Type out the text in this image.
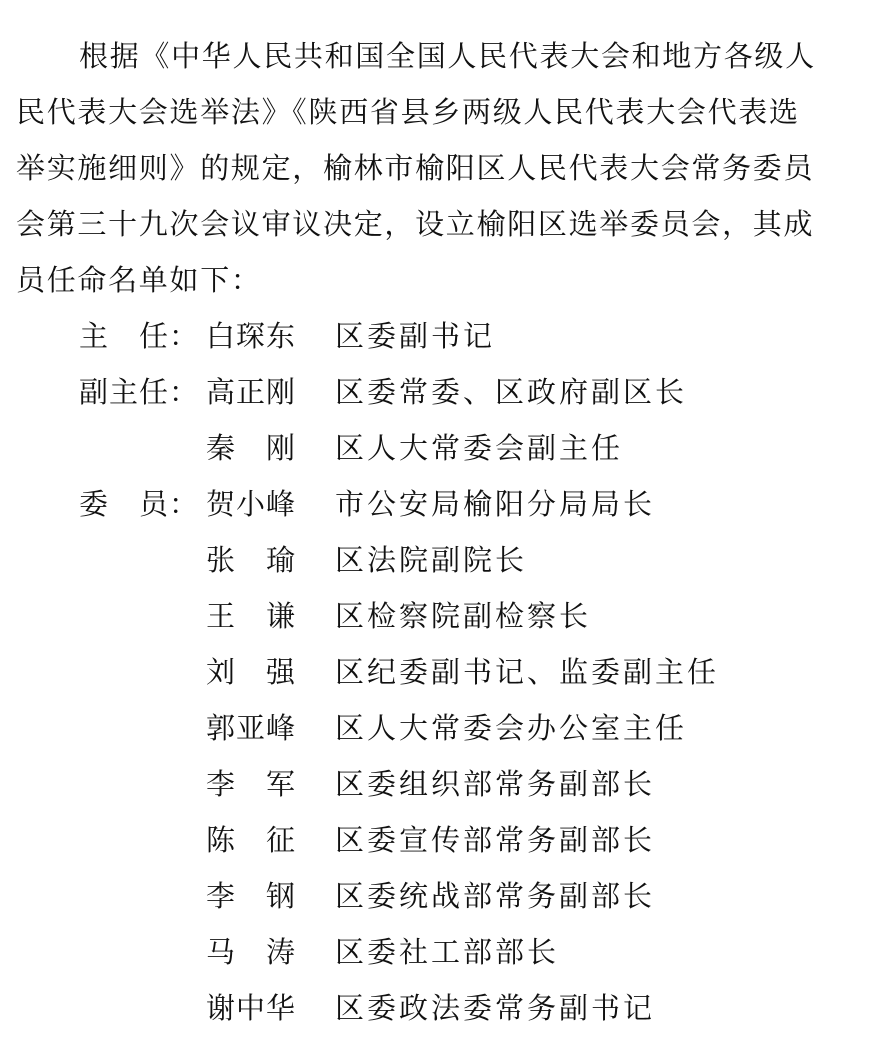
根据《中华人民共和国全国人民代表大会和地方各级人
民代表大会选举法》《陕西省县乡两级人民代表大会代表选
举实施细则》的规定，榆林市榆阳区人民代表大会常务委员
会第三十九次会议审议决定，设立榆阳区选举委员会，其成
员任命名单如下：
主　任： 白琛东 区委副书记
副主任： 高正刚 区委常委、区政府副区长
秦　刚 区人大常委会副主任
委　员： 贺小峰 市公安局榆阳分局局长
张　瑜 区法院副院长
王　谦 区检察院副检察长
刘　强 区纪委副书记、监委副主任
郭亚峰 区人大常委会办公室主任
李　军 区委组织部常务副部长
陈　征 区委宣传部常务副部长
李　钢 区委统战部常务副部长
马　涛 区委社工部部长
谢中华 区委政法委常务副书记
